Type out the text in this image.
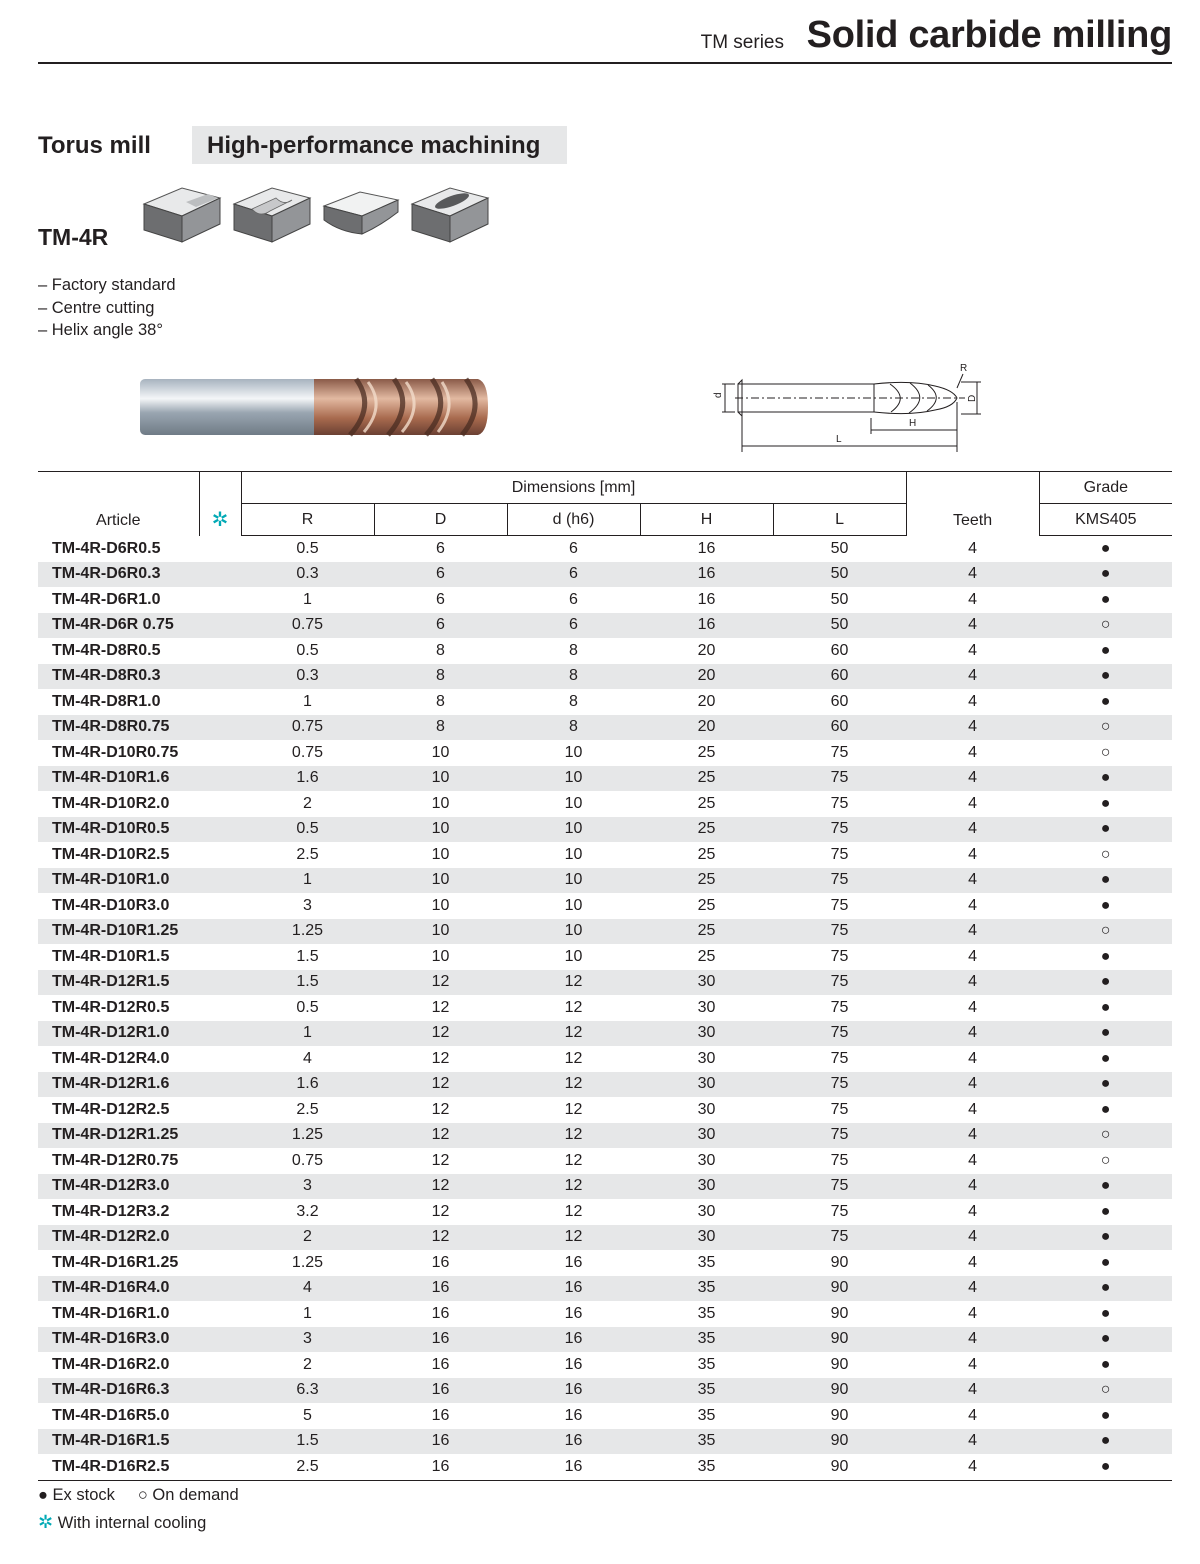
TM series Solid carbide milling
Torus mill	High-performance machining
TM-4R
– Factory standard
– Centre cutting
– Helix angle 38°
R
d	D
H
L
Article	✲	Dimensions [mm]					Teeth	Grade
		R	D	d (h6)	H	L		KMS405
TM-4R-D6R0.5		0.5	6	6	16	50	4	●
TM-4R-D6R0.3		0.3	6	6	16	50	4	●
TM-4R-D6R1.0		1	6	6	16	50	4	●
TM-4R-D6R 0.75		0.75	6	6	16	50	4	○
TM-4R-D8R0.5		0.5	8	8	20	60	4	●
TM-4R-D8R0.3		0.3	8	8	20	60	4	●
TM-4R-D8R1.0		1	8	8	20	60	4	●
TM-4R-D8R0.75		0.75	8	8	20	60	4	○
TM-4R-D10R0.75		0.75	10	10	25	75	4	○
TM-4R-D10R1.6		1.6	10	10	25	75	4	●
TM-4R-D10R2.0		2	10	10	25	75	4	●
TM-4R-D10R0.5		0.5	10	10	25	75	4	●
TM-4R-D10R2.5		2.5	10	10	25	75	4	○
TM-4R-D10R1.0		1	10	10	25	75	4	●
TM-4R-D10R3.0		3	10	10	25	75	4	●
TM-4R-D10R1.25		1.25	10	10	25	75	4	○
TM-4R-D10R1.5		1.5	10	10	25	75	4	●
TM-4R-D12R1.5		1.5	12	12	30	75	4	●
TM-4R-D12R0.5		0.5	12	12	30	75	4	●
TM-4R-D12R1.0		1	12	12	30	75	4	●
TM-4R-D12R4.0		4	12	12	30	75	4	●
TM-4R-D12R1.6		1.6	12	12	30	75	4	●
TM-4R-D12R2.5		2.5	12	12	30	75	4	●
TM-4R-D12R1.25		1.25	12	12	30	75	4	○
TM-4R-D12R0.75		0.75	12	12	30	75	4	○
TM-4R-D12R3.0		3	12	12	30	75	4	●
TM-4R-D12R3.2		3.2	12	12	30	75	4	●
TM-4R-D12R2.0		2	12	12	30	75	4	●
TM-4R-D16R1.25		1.25	16	16	35	90	4	●
TM-4R-D16R4.0		4	16	16	35	90	4	●
TM-4R-D16R1.0		1	16	16	35	90	4	●
TM-4R-D16R3.0		3	16	16	35	90	4	●
TM-4R-D16R2.0		2	16	16	35	90	4	●
TM-4R-D16R6.3		6.3	16	16	35	90	4	○
TM-4R-D16R5.0		5	16	16	35	90	4	●
TM-4R-D16R1.5		1.5	16	16	35	90	4	●
TM-4R-D16R2.5		2.5	16	16	35	90	4	●
● Ex stock ○ On demand
✲ With internal cooling
